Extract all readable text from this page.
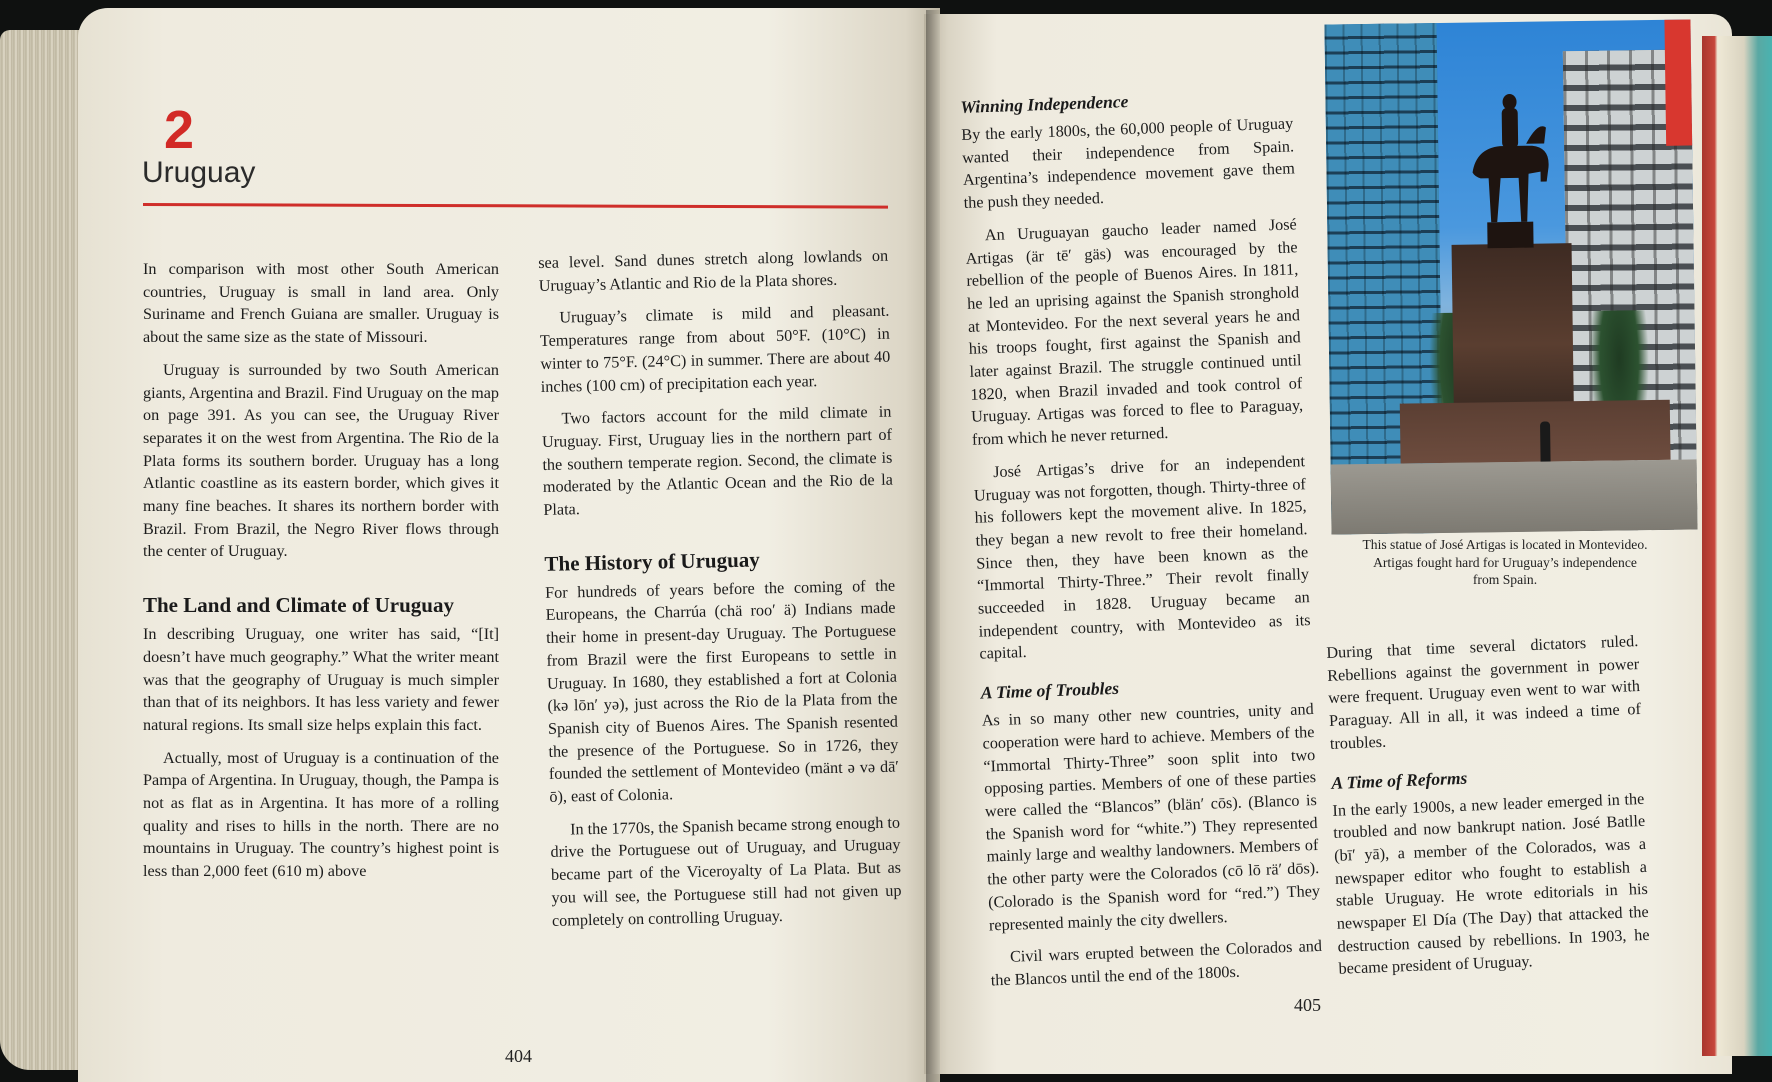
2
Uruguay

In comparison with most other South American countries, Uruguay is small in land area. Only Suriname and French Guiana are smaller. Uruguay is about the same size as the state of Missouri.

Uruguay is surrounded by two South American giants, Argentina and Brazil. Find Uruguay on the map on page 391. As you can see, the Uruguay River separates it on the west from Argentina. The Rio de la Plata forms its southern border. Uruguay has a long Atlantic coastline as its eastern border, which gives it many fine beaches. It shares its northern border with Brazil. From Brazil, the Negro River flows through the center of Uruguay.

The Land and Climate of Uruguay

In describing Uruguay, one writer has said, “[It] doesn’t have much geography.” What the writer meant was that the geography of Uruguay is much simpler than that of its neighbors. It has less variety and fewer natural regions. Its small size helps explain this fact.

Actually, most of Uruguay is a continuation of the Pampa of Argentina. In Uruguay, though, the Pampa is not as flat as in Argentina. It has more of a rolling quality and rises to hills in the north. There are no mountains in Uruguay. The country’s highest point is less than 2,000 feet (610 m) above

sea level. Sand dunes stretch along lowlands on Uruguay’s Atlantic and Rio de la Plata shores.

Uruguay’s climate is mild and pleasant. Temperatures range from about 50°F. (10°C) in winter to 75°F. (24°C) in summer. There are about 40 inches (100 cm) of precipitation each year.

Two factors account for the mild climate in Uruguay. First, Uruguay lies in the northern part of the southern temperate region. Second, the climate is moderated by the Atlantic Ocean and the Rio de la Plata.

The History of Uruguay

For hundreds of years before the coming of the Europeans, the Charrúa (chä roo′ ä) Indians made their home in present-day Uruguay. The Portuguese from Brazil were the first Europeans to settle in Uruguay. In 1680, they established a fort at Colonia (kə lōn′ yə), just across the Rio de la Plata from the Spanish city of Buenos Aires. The Spanish resented the presence of the Portuguese. So in 1726, they founded the settlement of Montevideo (mänt ə və dā′ ō), east of Colonia.

In the 1770s, the Spanish became strong enough to drive the Portuguese out of Uruguay, and Uruguay became part of the Viceroyalty of La Plata. But as you will see, the Portuguese still had not given up completely on controlling Uruguay.

404
Winning Independence

By the early 1800s, the 60,000 people of Uruguay wanted their independence from Spain. Argentina’s independence movement gave them the push they needed.

An Uruguayan gaucho leader named José Artigas (är tē′ gäs) was encouraged by the rebellion of the people of Buenos Aires. In 1811, he led an uprising against the Spanish stronghold at Montevideo. For the next several years he and his troops fought, first against the Spanish and later against Brazil. The struggle continued until 1820, when Brazil invaded and took control of Uruguay. Artigas was forced to flee to Paraguay, from which he never returned.

José Artigas’s drive for an independent Uruguay was not forgotten, though. Thirty-three of his followers kept the movement alive. In 1825, they began a new revolt to free their homeland. Since then, they have been known as the “Immortal Thirty-Three.” Their revolt finally succeeded in 1828. Uruguay became an independent country, with Montevideo as its capital.

A Time of Troubles

As in so many other new countries, unity and cooperation were hard to achieve. Members of the “Immortal Thirty-Three” soon split into two opposing parties. Members of one of these parties were called the “Blancos” (blän′ cōs). (Blanco is the Spanish word for “white.”) They represented mainly large and wealthy landowners. Members of the other party were the Colorados (cō lō rä′ dōs). (Colorado is the Spanish word for “red.”) They represented mainly the city dwellers.

Civil wars erupted between the Colorados and the Blancos until the end of the 1800s.

This statue of José Artigas is located in Montevideo. Artigas fought hard for Uruguay’s independence from Spain.

During that time several dictators ruled. Rebellions against the government in power were frequent. Uruguay even went to war with Paraguay. All in all, it was indeed a time of troubles.

A Time of Reforms

In the early 1900s, a new leader emerged in the troubled and now bankrupt nation. José Batlle (bī′ yā), a member of the Colorados, was a newspaper editor who fought to establish a stable Uruguay. He wrote editorials in his newspaper El Día (The Day) that attacked the destruction caused by rebellions. In 1903, he became president of Uruguay.

405
